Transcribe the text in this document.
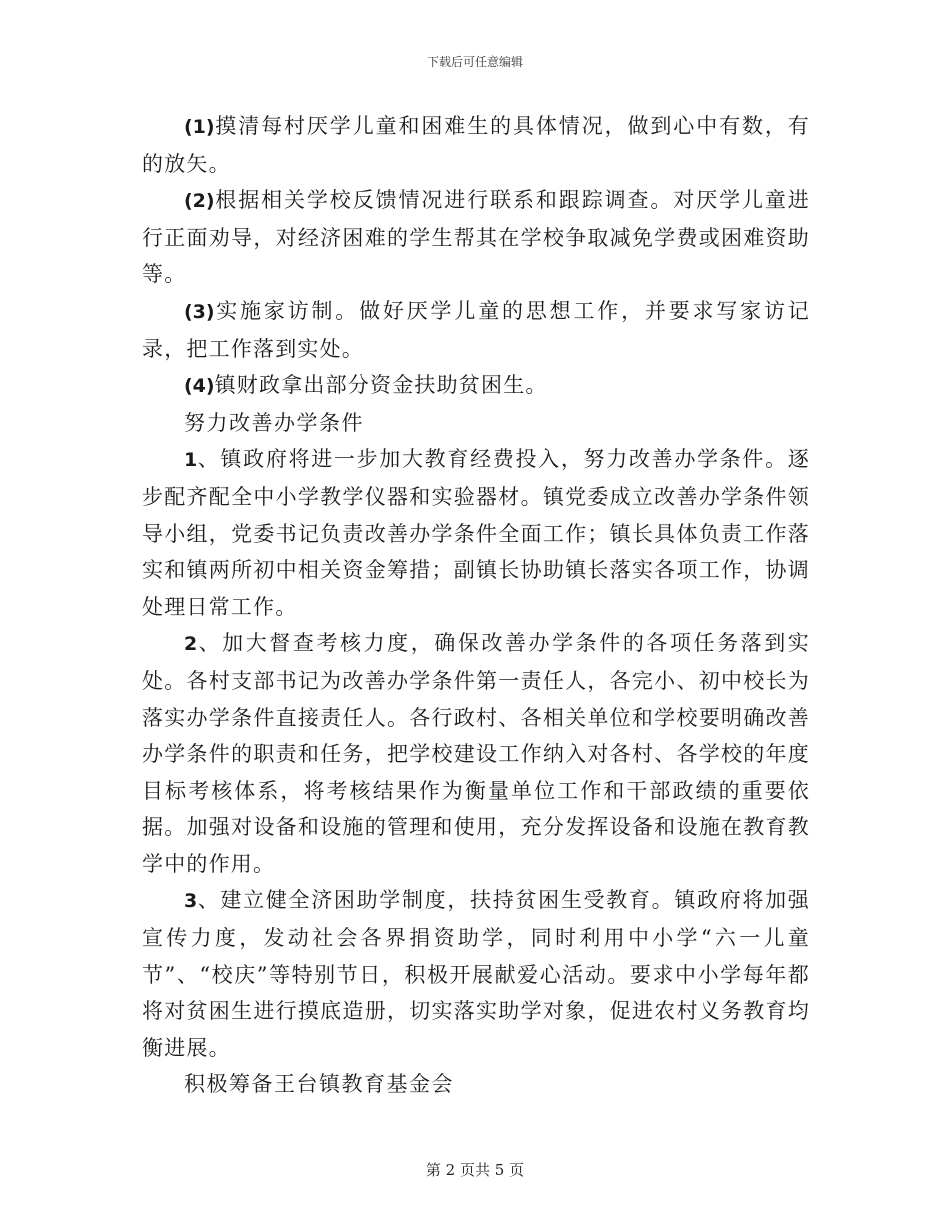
下载后可任意编辑

(1)摸清每村厌学儿童和困难生的具体情况，做到心中有数，有的放矢。

(2)根据相关学校反馈情况进行联系和跟踪调查。对厌学儿童进行正面劝导，对经济困难的学生帮其在学校争取减免学费或困难资助等。

(3)实施家访制。做好厌学儿童的思想工作，并要求写家访记录，把工作落到实处。

(4)镇财政拿出部分资金扶助贫困生。

努力改善办学条件

1、镇政府将进一步加大教育经费投入，努力改善办学条件。逐步配齐配全中小学教学仪器和实验器材。镇党委成立改善办学条件领导小组，党委书记负责改善办学条件全面工作；镇长具体负责工作落实和镇两所初中相关资金筹措；副镇长协助镇长落实各项工作，协调处理日常工作。

2、加大督查考核力度，确保改善办学条件的各项任务落到实处。各村支部书记为改善办学条件第一责任人，各完小、初中校长为落实办学条件直接责任人。各行政村、各相关单位和学校要明确改善办学条件的职责和任务，把学校建设工作纳入对各村、各学校的年度目标考核体系，将考核结果作为衡量单位工作和干部政绩的重要依据。加强对设备和设施的管理和使用，充分发挥设备和设施在教育教学中的作用。

3、建立健全济困助学制度，扶持贫困生受教育。镇政府将加强宣传力度，发动社会各界捐资助学，同时利用中小学“六一儿童节”、“校庆”等特别节日，积极开展献爱心活动。要求中小学每年都将对贫困生进行摸底造册，切实落实助学对象，促进农村义务教育均衡进展。

积极筹备王台镇教育基金会

第 2 页共 5 页
